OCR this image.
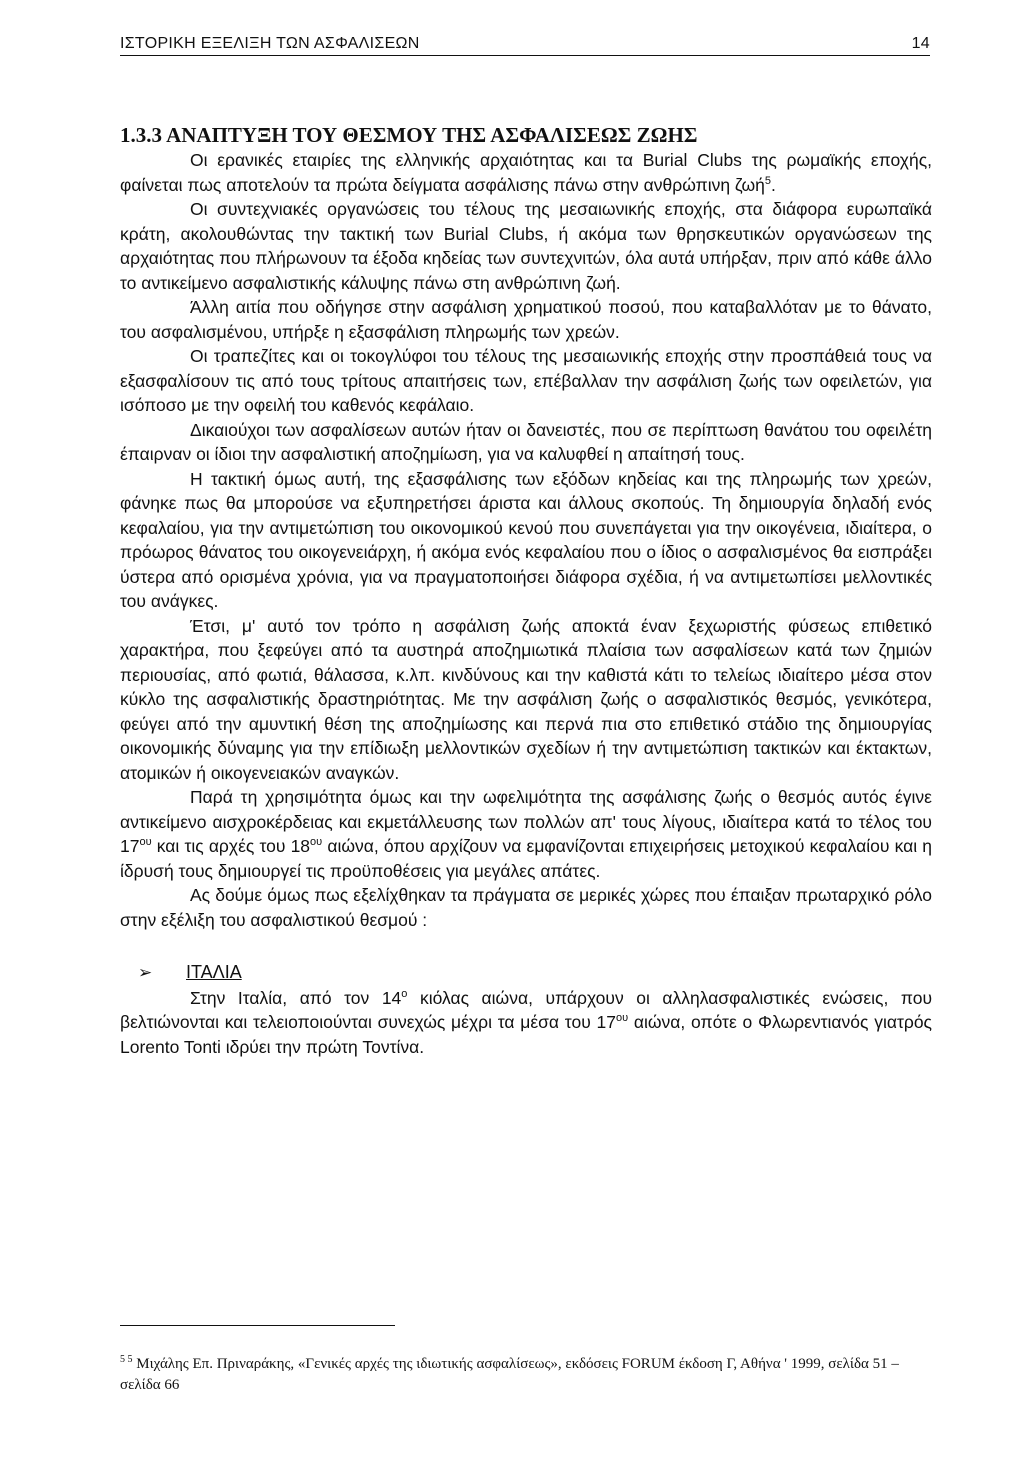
ΙΣΤΟΡΙΚΗ ΕΞΕΛΙΞΗ ΤΩΝ ΑΣΦΑΛΙΣΕΩΝ	14
1.3.3 ΑΝΑΠΤΥΞΗ ΤΟΥ ΘΕΣΜΟΥ ΤΗΣ ΑΣΦΑΛΙΣΕΩΣ ΖΩΗΣ

Οι ερανικές εταιρίες της ελληνικής αρχαιότητας και τα Burial Clubs της ρωμαϊκής εποχής, φαίνεται πως αποτελούν τα πρώτα δείγματα ασφάλισης πάνω στην ανθρώπινη ζωή$^5$.

Οι συντεχνιακές οργανώσεις του τέλους της μεσαιωνικής εποχής, στα διάφορα ευρωπαϊκά κράτη, ακολουθώντας την τακτική των Burial Clubs, ή ακόμα των θρησκευτικών οργανώσεων της αρχαιότητας που πλήρωνουν τα έξοδα κηδείας των συντεχνιτών, όλα αυτά υπήρξαν, πριν από κάθε άλλο το αντικείμενο ασφαλιστικής κάλυψης πάνω στη ανθρώπινη ζωή.

Άλλη αιτία που οδήγησε στην ασφάλιση χρηματικού ποσού, που καταβαλλόταν με το θάνατο, του ασφαλισμένου, υπήρξε η εξασφάλιση πληρωμής των χρεών.

Οι τραπεζίτες και οι τοκογλύφοι του τέλους της μεσαιωνικής εποχής στην προσπάθειά τους να εξασφαλίσουν τις από τους τρίτους απαιτήσεις των, επέβαλλαν την ασφάλιση ζωής των οφειλετών, για ισόποσο με την οφειλή του καθενός κεφάλαιο.

Δικαιούχοι των ασφαλίσεων αυτών ήταν οι δανειστές, που σε περίπτωση θανάτου του οφειλέτη έπαιρναν οι ίδιοι την ασφαλιστική αποζημίωση, για να καλυφθεί η απαίτησή τους.

Η τακτική όμως αυτή, της εξασφάλισης των εξόδων κηδείας και της πληρωμής των χρεών, φάνηκε πως θα μπορούσε να εξυπηρετήσει άριστα και άλλους σκοπούς. Τη δημιουργία δηλαδή ενός κεφαλαίου, για την αντιμετώπιση του οικονομικού κενού που συνεπάγεται για την οικογένεια, ιδιαίτερα, ο πρόωρος θάνατος του οικογενειάρχη, ή ακόμα ενός κεφαλαίου που ο ίδιος ο ασφαλισμένος θα εισπράξει ύστερα από ορισμένα χρόνια, για να πραγματοποιήσει διάφορα σχέδια, ή να αντιμετωπίσει μελλοντικές του ανάγκες.

Έτσι, μ' αυτό τον τρόπο η ασφάλιση ζωής αποκτά έναν ξεχωριστής φύσεως επιθετικό χαρακτήρα, που ξεφεύγει από τα αυστηρά αποζημιωτικά πλαίσια των ασφαλίσεων κατά των ζημιών περιουσίας, από φωτιά, θάλασσα, κ.λπ. κινδύνους και την καθιστά κάτι το τελείως ιδιαίτερο μέσα στον κύκλο της ασφαλιστικής δραστηριότητας. Με την ασφάλιση ζωής ο ασφαλιστικός θεσμός, γενικότερα, φεύγει από την αμυντική θέση της αποζημίωσης και περνά πια στο επιθετικό στάδιο της δημιουργίας οικονομικής δύναμης για την επίδιωξη μελλοντικών σχεδίων ή την αντιμετώπιση τακτικών και έκτακτων, ατομικών ή οικογενειακών αναγκών.

Παρά τη χρησιμότητα όμως και την ωφελιμότητα της ασφάλισης ζωής ο θεσμός αυτός έγινε αντικείμενο αισχροκέρδειας και εκμετάλλευσης των πολλών απ' τους λίγους, ιδιαίτερα κατά το τέλος του $17^{o\upsilon}$ και τις αρχές του $18^{o\upsilon}$ αιώνα, όπου αρχίζουν να εμφανίζονται επιχειρήσεις μετοχικού κεφαλαίου και η ίδρυσή τους δημιουργεί τις προϋποθέσεις για μεγάλες απάτες.

Ας δούμε όμως πως εξελίχθηκαν τα πράγματα σε μερικές χώρες που έπαιξαν πρωταρχικό ρόλο στην εξέλιξη του ασφαλιστικού θεσμού :

➢	ΙΤΑΛΙΑ

Στην Ιταλία, από τον $14^o$ κιόλας αιώνα, υπάρχουν οι αλληλασφαλιστικές ενώσεις, που βελτιώνονται και τελειοποιούνται συνεχώς μέχρι τα μέσα του $17^{o\upsilon}$ αιώνα, οπότε ο Φλωρεντιανός γιατρός Lorento Tonti ιδρύει την πρώτη Τοντίνα.

$^{5 5}$ Μιχάλης Επ. Πριναράκης, «Γενικές αρχές της ιδιωτικής ασφαλίσεως», εκδόσεις FORUM έκδοση Γ, Αθήνα ' 1999, σελίδα 51 – σελίδα 66
